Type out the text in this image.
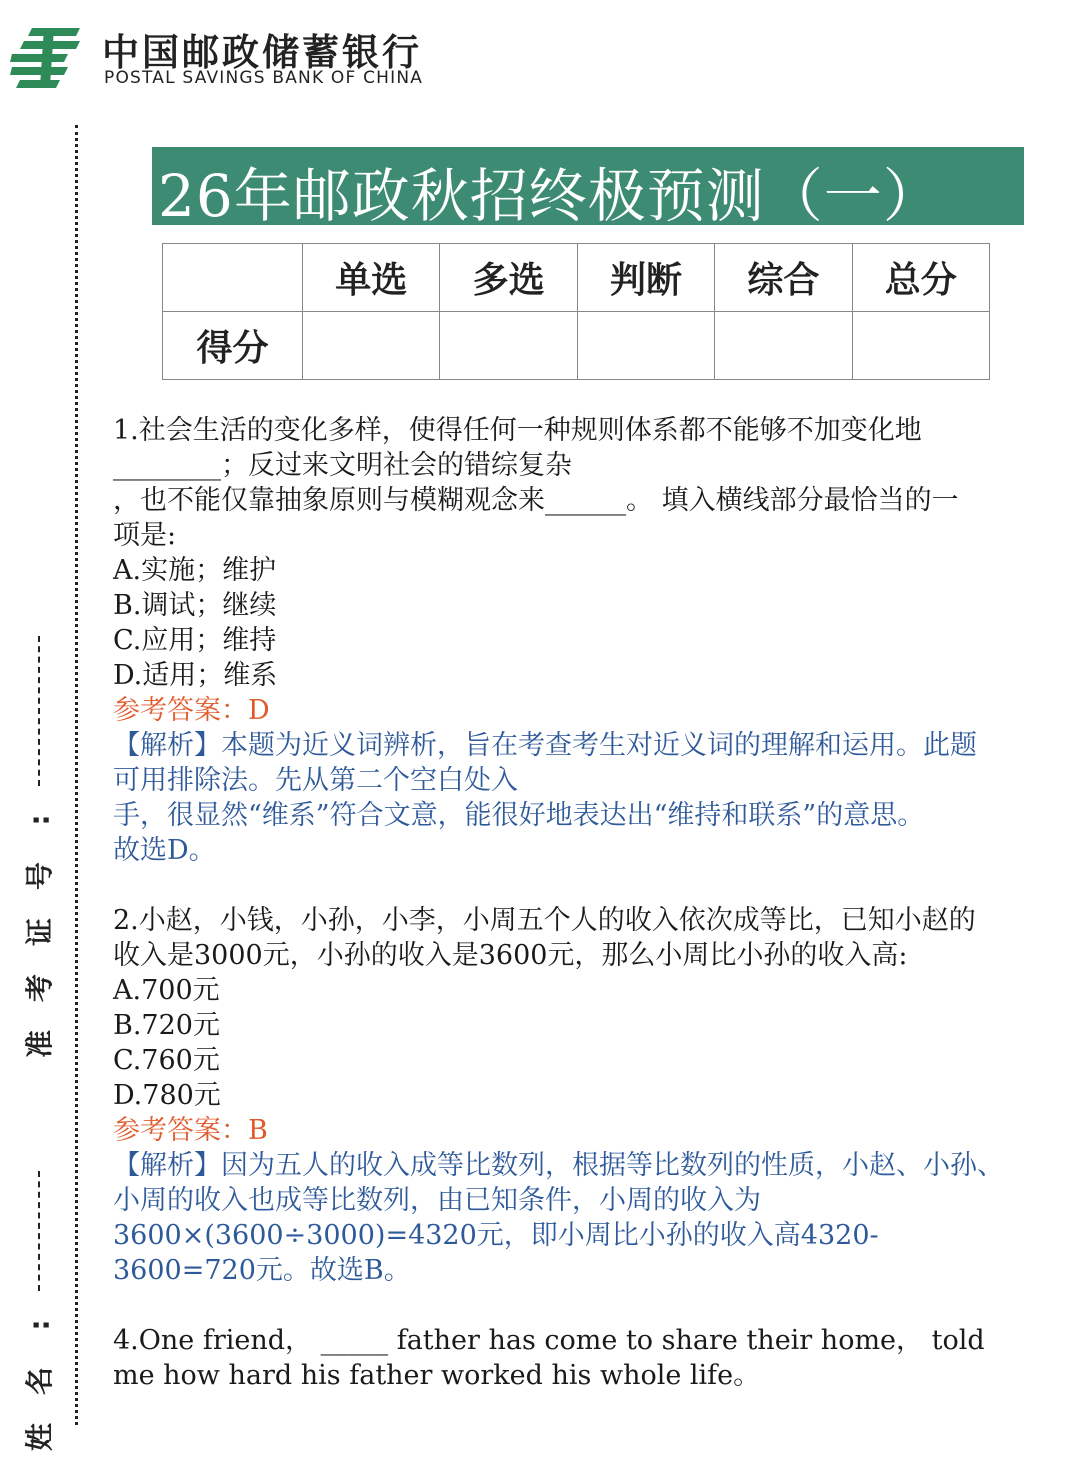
中国邮政储蓄银行
POSTAL SAVINGS BANK OF CHINA
:
号
证
考
准
:
名
姓
26年邮政秋招终极预测（一）
	单选	多选	判断	综合	总分
得分					
1.社会生活的变化多样，使得任何一种规则体系都不能够不加变化地
________；反过来文明社会的错综复杂
，也不能仅靠抽象原则与模糊观念来______。 填入横线部分最恰当的一
项是:
A.实施；维护
B.调试；继续
C.应用；维持
D.适用；维系
参考答案：D
【解析】本题为近义词辨析，旨在考查考生对近义词的理解和运用。此题
可用排除法。先从第二个空白处入
手，很显然“维系”符合文意，能很好地表达出“维持和联系”的意思。
故选D。
2.小赵，小钱，小孙，小李，小周五个人的收入依次成等比，已知小赵的
收入是3000元，小孙的收入是3600元，那么小周比小孙的收入高:
A.700元
B.720元
C.760元
D.780元
参考答案：B
【解析】因为五人的收入成等比数列，根据等比数列的性质，小赵、小孙、
小周的收入也成等比数列，由已知条件，小周的收入为
3600×(3600÷3000)=4320元，即小周比小孙的收入高4320-
3600=720元。故选B。
4.One friend， _____ father has come to share their home， told
me how hard his father worked his whole life。
